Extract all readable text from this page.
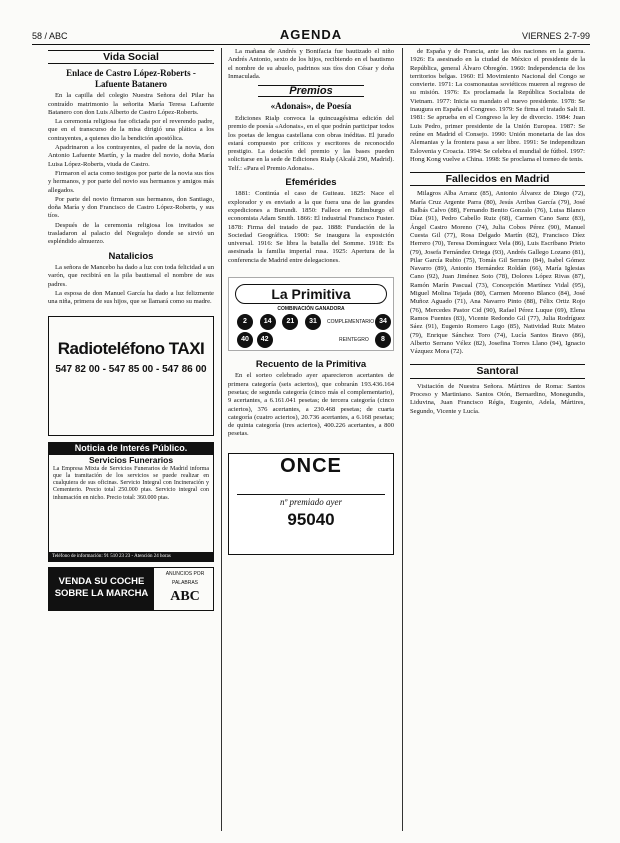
58 / ABC	AGENDA	VIERNES 2-7-99
Vida Social
Enlace de Castro López-Roberts - Lafuente Batanero

En la capilla del colegio Nuestra Señora del Pilar ha contraído matrimonio la señorita María Teresa Lafuente Batanero con don Luis Alberto de Castro López-Roberts.

La ceremonia religiosa fue oficiada por el reverendo padre, que en el transcurso de la misa dirigió una plática a los contrayentes, a quienes dio la bendición apostólica.

Apadrinaron a los contrayentes, el padre de la novia, don Antonio Lafuente Martín, y la madre del novio, doña María Luisa López-Roberts, viuda de Castro.

Firmaron el acta como testigos por parte de la novia sus tíos y hermanos, y por parte del novio sus hermanos y amigos más allegados.

Por parte del novio firmaron sus hermanos, don Santiago, doña María y don Francisco de Castro López-Roberts, y sus tíos.

Después de la ceremonia religiosa los invitados se trasladaron al palacio del Negralejo donde se sirvió un espléndido almuerzo.

Natalicios

La señora de Mancebo ha dado a luz con toda felicidad a un varón, que recibirá en la pila bautismal el nombre de sus padres.

La esposa de don Manuel García ha dado a luz felizmente una niña, primera de sus hijos, que se llamará como su madre.

Radioteléfono TAXI
547 82 00 - 547 85 00 - 547 86 00
Noticia de Interés Público.
Servicios Funerarios
La Empresa Mixta de Servicios Funerarios de Madrid informa que la tramitación de los servicios se puede realizar en cualquiera de sus oficinas. Servicio Integral con Incineración y Cementerio. Precio total 250.000 ptas. Servicio integral con inhumación en nicho. Precio total: 360.000 ptas.
Teléfono de información: 91 510 23 23 - Atención 24 horas
VENDA SU COCHE
SOBRE LA MARCHA
ANUNCIOS POR PALABRAS
ABC

La mañana de Andrés y Bonifacia fue bautizado el niño Andrés Antonio, sexto de los hijos, recibiendo en el bautismo el nombre de su abuelo, padrinos sus tíos don César y doña Inmaculada.

Premios
«Adonais», de Poesía

Ediciones Rialp convoca la quincuagésima edición del premio de poesía «Adonais», en el que podrán participar todos los poetas de lengua castellana con obras inéditas. El jurado estará compuesto por críticos y escritores de reconocido prestigio. La dotación del premio y las bases pueden solicitarse en la sede de Ediciones Rialp (Alcalá 290, Madrid). Telf.: «Para el Premio Adonais».

Efemérides

1881: Continúa el caso de Guiteau. 1825: Nace el explorador y es enviado a la que fuera una de las grandes expediciones a Burundi. 1850: Fallece en Edimburgo el economista Adam Smith. 1866: El industrial Francisco Fuster. 1878: Firma del tratado de paz. 1888: Fundación de la Sociedad Geográfica. 1900: Se inaugura la exposición universal. 1916: Se libra la batalla del Somme. 1918: Es asesinada la familia imperial rusa. 1925: Apertura de la conferencia de Madrid entre delegaciones.

La Primitiva
COMBINACIÓN GANADORA
2 14 21 31 40 42
COMPLEMENTARIO 34
REINTEGRO	8
Recuento de la Primitiva

En el sorteo celebrado ayer aparecieron acertantes de primera categoría (seis aciertos), que cobrarán 193.436.164 pesetas; de segunda categoría (cinco más el complementario), 9 acertantes, a 6.161.041 pesetas; de tercera categoría (cinco aciertos), 376 acertantes, a 230.468 pesetas; de cuarta categoría (cuatro aciertos), 20.736 acertantes, a 6.168 pesetas; de quinta categoría (tres aciertos), 400.226 acertantes, a 800 pesetas.

ONCE
nº premiado ayer
95040

de España y de Francia, ante las dos naciones en la guerra. 1926: Es asesinado en la ciudad de México el presidente de la República, general Álvaro Obregón. 1960: Independencia de los territorios belgas. 1960: El Movimiento Nacional del Congo se convierte. 1971: La cosmonautas soviéticos mueren al regreso de su misión. 1976: Es proclamada la República Socialista de Vietnam. 1977: Inicia su mandato el nuevo presidente. 1978: Se inaugura en España el Congreso. 1979: Se firma el tratado Salt II. 1981: Se aprueba en el Congreso la ley de divorcio. 1984: Juan Luis Pedro, primer presidente de la Unión Europea. 1987: Se reúne en Madrid el Consejo. 1990: Unión monetaria de las dos Alemanias y la frontera pasa a ser libre. 1991: Se independizan Eslovenia y Croacia. 1994: Se celebra el mundial de fútbol. 1997: Hong Kong vuelve a China. 1998: Se proclama el torneo de tenis.

Fallecidos en Madrid

Milagros Alba Arranz (85), Antonio Álvarez de Diego (72), María Cruz Argente Parra (80), Jesús Arribas García (79), José Balbás Calvo (88), Fernando Benito Gonzalo (76), Luisa Blanco Díaz (91), Pedro Cabello Ruiz (68), Carmen Cano Sanz (83), Ángel Castro Moreno (74), Julia Cobos Pérez (90), Manuel Cuesta Gil (77), Rosa Delgado Martín (82), Francisco Díez Herrero (70), Teresa Domínguez Vela (86), Luis Escribano Prieto (79), Josefa Fernández Ortega (93), Andrés Gallego Lozano (81), Pilar García Rubio (75), Tomás Gil Serrano (84), Isabel Gómez Navarro (89), Antonio Hernández Roldán (66), María Iglesias Cano (92), Juan Jiménez Soto (78), Dolores López Rivas (87), Ramón Marín Pascual (73), Concepción Martínez Vidal (95), Miguel Molina Tejada (80), Carmen Moreno Blanco (84), José Muñoz Aguado (71), Ana Navarro Pinto (88), Félix Ortiz Rojo (76), Mercedes Pastor Cid (90), Rafael Pérez Luque (69), Elena Ramos Fuentes (83), Vicente Redondo Gil (77), Julia Rodríguez Sáez (91), Eugenio Romero Lago (85), Natividad Ruiz Mateo (79), Enrique Sánchez Toro (74), Lucía Santos Bravo (86), Alberto Serrano Vélez (82), Josefina Torres Llano (94), Ignacio Vázquez Mora (72).

Santoral

Visitación de Nuestra Señora. Mártires de Roma: Santos Proceso y Martiniano. Santos Otón, Bernardino, Monegundis, Liduvina, Juan Francisco Régis, Eugenio, Adela, Mártires, Segundo, Vicente y Lucía.
